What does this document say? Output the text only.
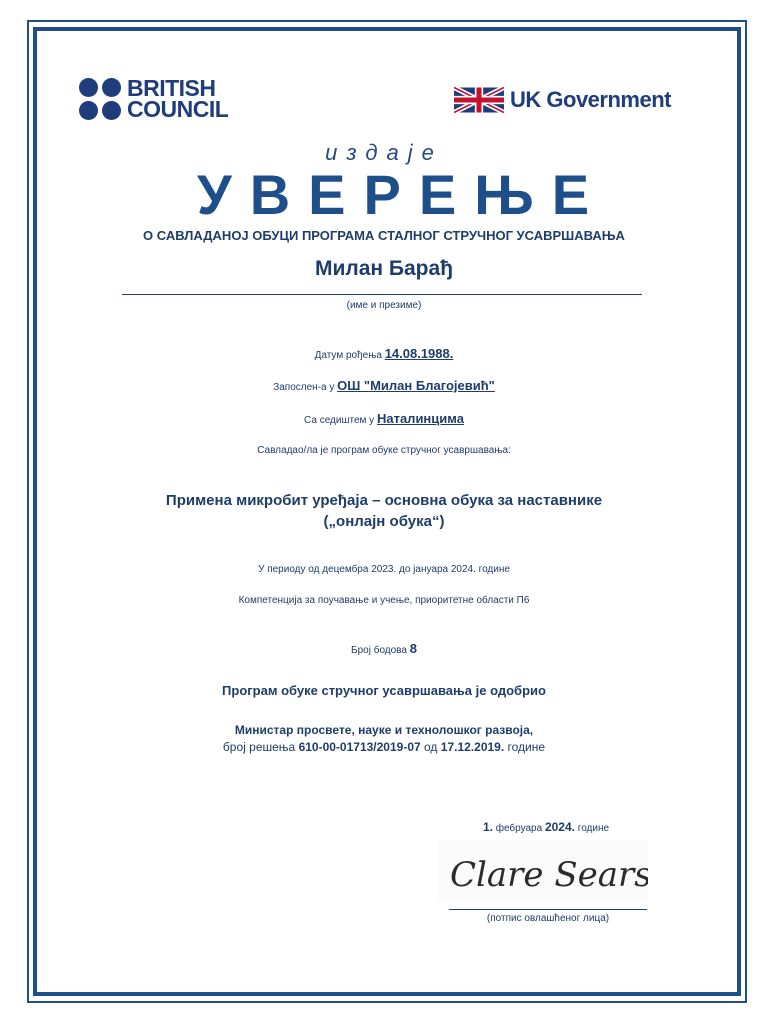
BRITISH
COUNCIL	UK Government
издаје
УВЕРЕЊЕ
О САВЛАДАНОЈ ОБУЦИ ПРОГРАМА СТАЛНОГ СТРУЧНОГ УСАВРШАВАЊА
Милан Барађ
(име и презиме)
Датум рођења 14.08.1988.
Запослен-а у ОШ "Милан Благојевић"
Са седиштем у Наталинцима
Савладао/ла је програм обуке стручног усавршавања:
Примена микробит уређаја – основна обука за наставнике
(„онлајн обука“)
У периоду од децембра 2023. до јануара 2024. године
Компетенција за поучавање и учење, приоритетне области П6
Број бодова 8
Програм обуке стручног усавршавања је одобрио
Министар просвете, науке и технолошког развоја,
број решења 610-00-01713/2019-07 од 17.12.2019. године
1. фебруара 2024. године
Clare Sears.
(потпис овлашћеног лица)
